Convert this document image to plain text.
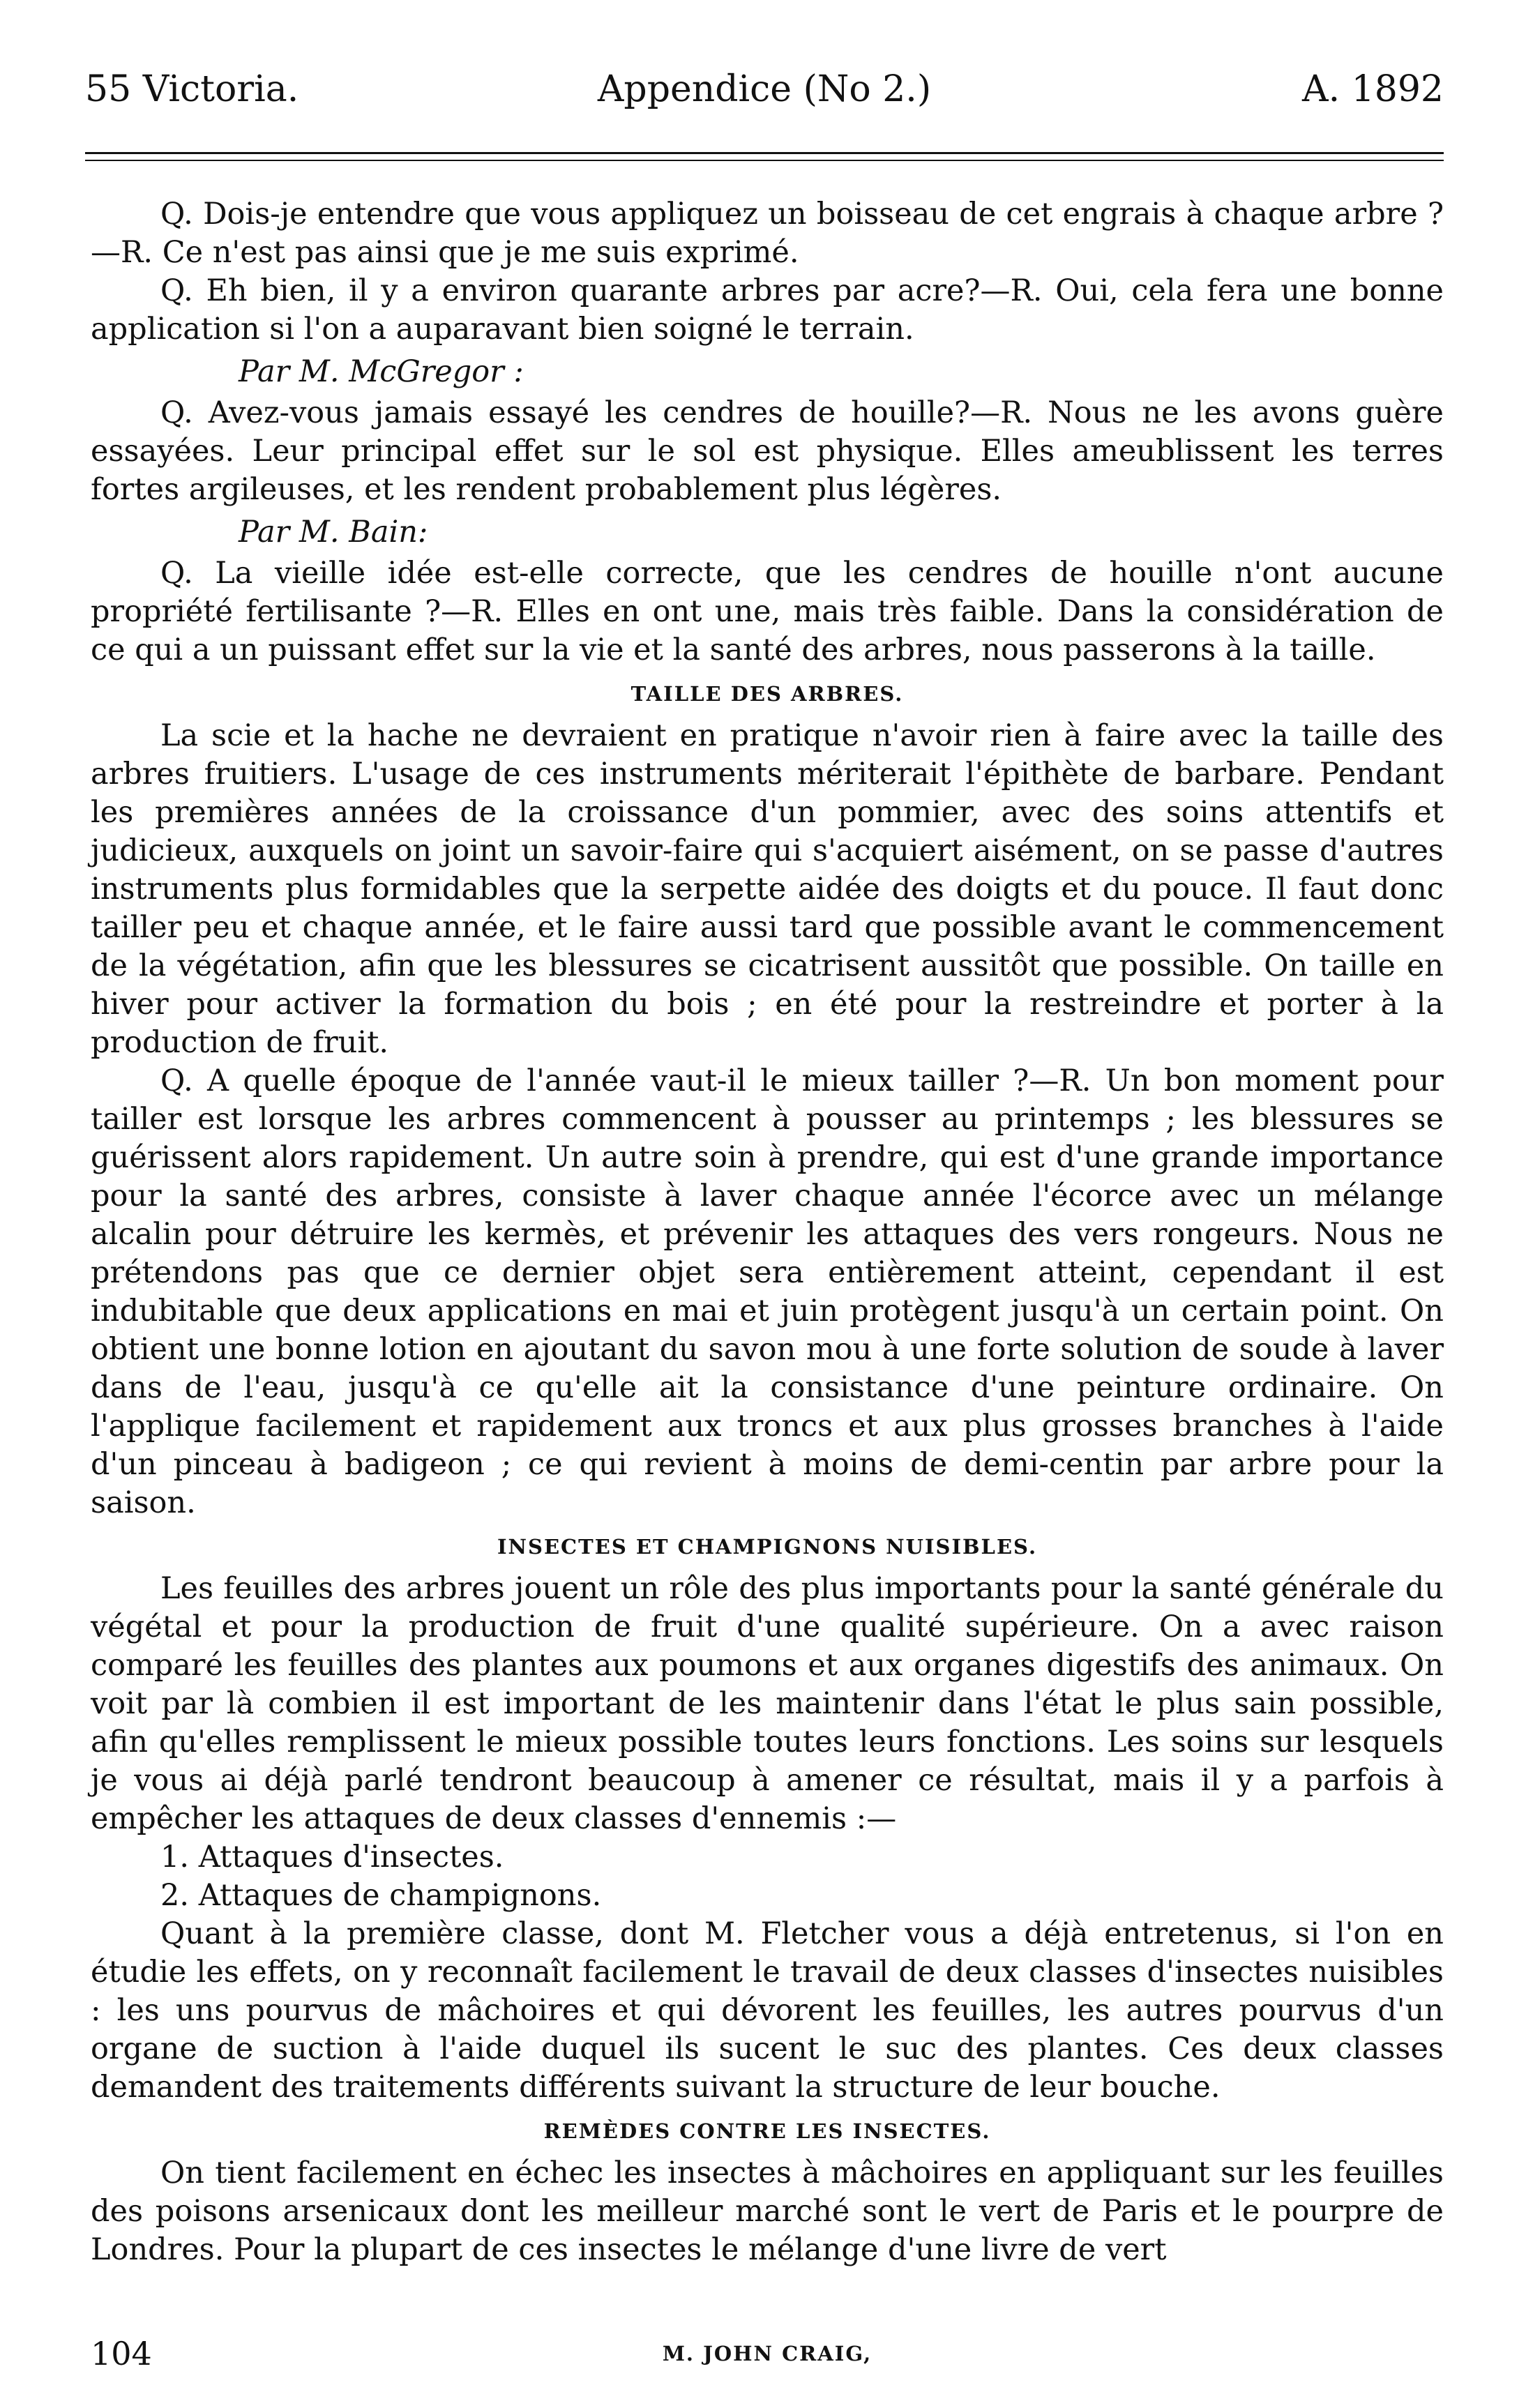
55 Victoria.	Appendice (No 2.)	A. 1892

Q. Dois-je entendre que vous appliquez un boisseau de cet engrais à chaque arbre ?—R. Ce n'est pas ainsi que je me suis exprimé.

Q. Eh bien, il y a environ quarante arbres par acre?—R. Oui, cela fera une bonne application si l'on a auparavant bien soigné le terrain.

Par M. McGregor :

Q. Avez-vous jamais essayé les cendres de houille?—R. Nous ne les avons guère essayées. Leur principal effet sur le sol est physique. Elles ameublissent les terres fortes argileuses, et les rendent probablement plus légères.

Par M. Bain:

Q. La vieille idée est-elle correcte, que les cendres de houille n'ont aucune propriété fertilisante ?—R. Elles en ont une, mais très faible. Dans la considération de ce qui a un puissant effet sur la vie et la santé des arbres, nous passerons à la taille.

TAILLE DES ARBRES.

La scie et la hache ne devraient en pratique n'avoir rien à faire avec la taille des arbres fruitiers. L'usage de ces instruments mériterait l'épithète de barbare. Pendant les premières années de la croissance d'un pommier, avec des soins attentifs et judicieux, auxquels on joint un savoir-faire qui s'acquiert aisément, on se passe d'autres instruments plus formidables que la serpette aidée des doigts et du pouce. Il faut donc tailler peu et chaque année, et le faire aussi tard que possible avant le commencement de la végétation, afin que les blessures se cicatrisent aussitôt que possible. On taille en hiver pour activer la formation du bois ; en été pour la restreindre et porter à la production de fruit.

Q. A quelle époque de l'année vaut-il le mieux tailler ?—R. Un bon moment pour tailler est lorsque les arbres commencent à pousser au printemps ; les blessures se guérissent alors rapidement. Un autre soin à prendre, qui est d'une grande importance pour la santé des arbres, consiste à laver chaque année l'écorce avec un mélange alcalin pour détruire les kermès, et prévenir les attaques des vers rongeurs. Nous ne prétendons pas que ce dernier objet sera entièrement atteint, cependant il est indubitable que deux applications en mai et juin protègent jusqu'à un certain point. On obtient une bonne lotion en ajoutant du savon mou à une forte solution de soude à laver dans de l'eau, jusqu'à ce qu'elle ait la consistance d'une peinture ordinaire. On l'applique facilement et rapidement aux troncs et aux plus grosses branches à l'aide d'un pinceau à badigeon ; ce qui revient à moins de demi-centin par arbre pour la saison.

INSECTES ET CHAMPIGNONS NUISIBLES.

Les feuilles des arbres jouent un rôle des plus importants pour la santé générale du végétal et pour la production de fruit d'une qualité supérieure. On a avec raison comparé les feuilles des plantes aux poumons et aux organes digestifs des animaux. On voit par là combien il est important de les maintenir dans l'état le plus sain possible, afin qu'elles remplissent le mieux possible toutes leurs fonctions. Les soins sur lesquels je vous ai déjà parlé tendront beaucoup à amener ce résultat, mais il y a parfois à empêcher les attaques de deux classes d'ennemis :—

1. Attaques d'insectes.

2. Attaques de champignons.

Quant à la première classe, dont M. Fletcher vous a déjà entretenus, si l'on en étudie les effets, on y reconnaît facilement le travail de deux classes d'insectes nuisibles : les uns pourvus de mâchoires et qui dévorent les feuilles, les autres pourvus d'un organe de suction à l'aide duquel ils sucent le suc des plantes. Ces deux classes demandent des traitements différents suivant la structure de leur bouche.

REMÈDES CONTRE LES INSECTES.

On tient facilement en échec les insectes à mâchoires en appliquant sur les feuilles des poisons arsenicaux dont les meilleur marché sont le vert de Paris et le pourpre de Londres. Pour la plupart de ces insectes le mélange d'une livre de vert

104	M. JOHN CRAIG,
